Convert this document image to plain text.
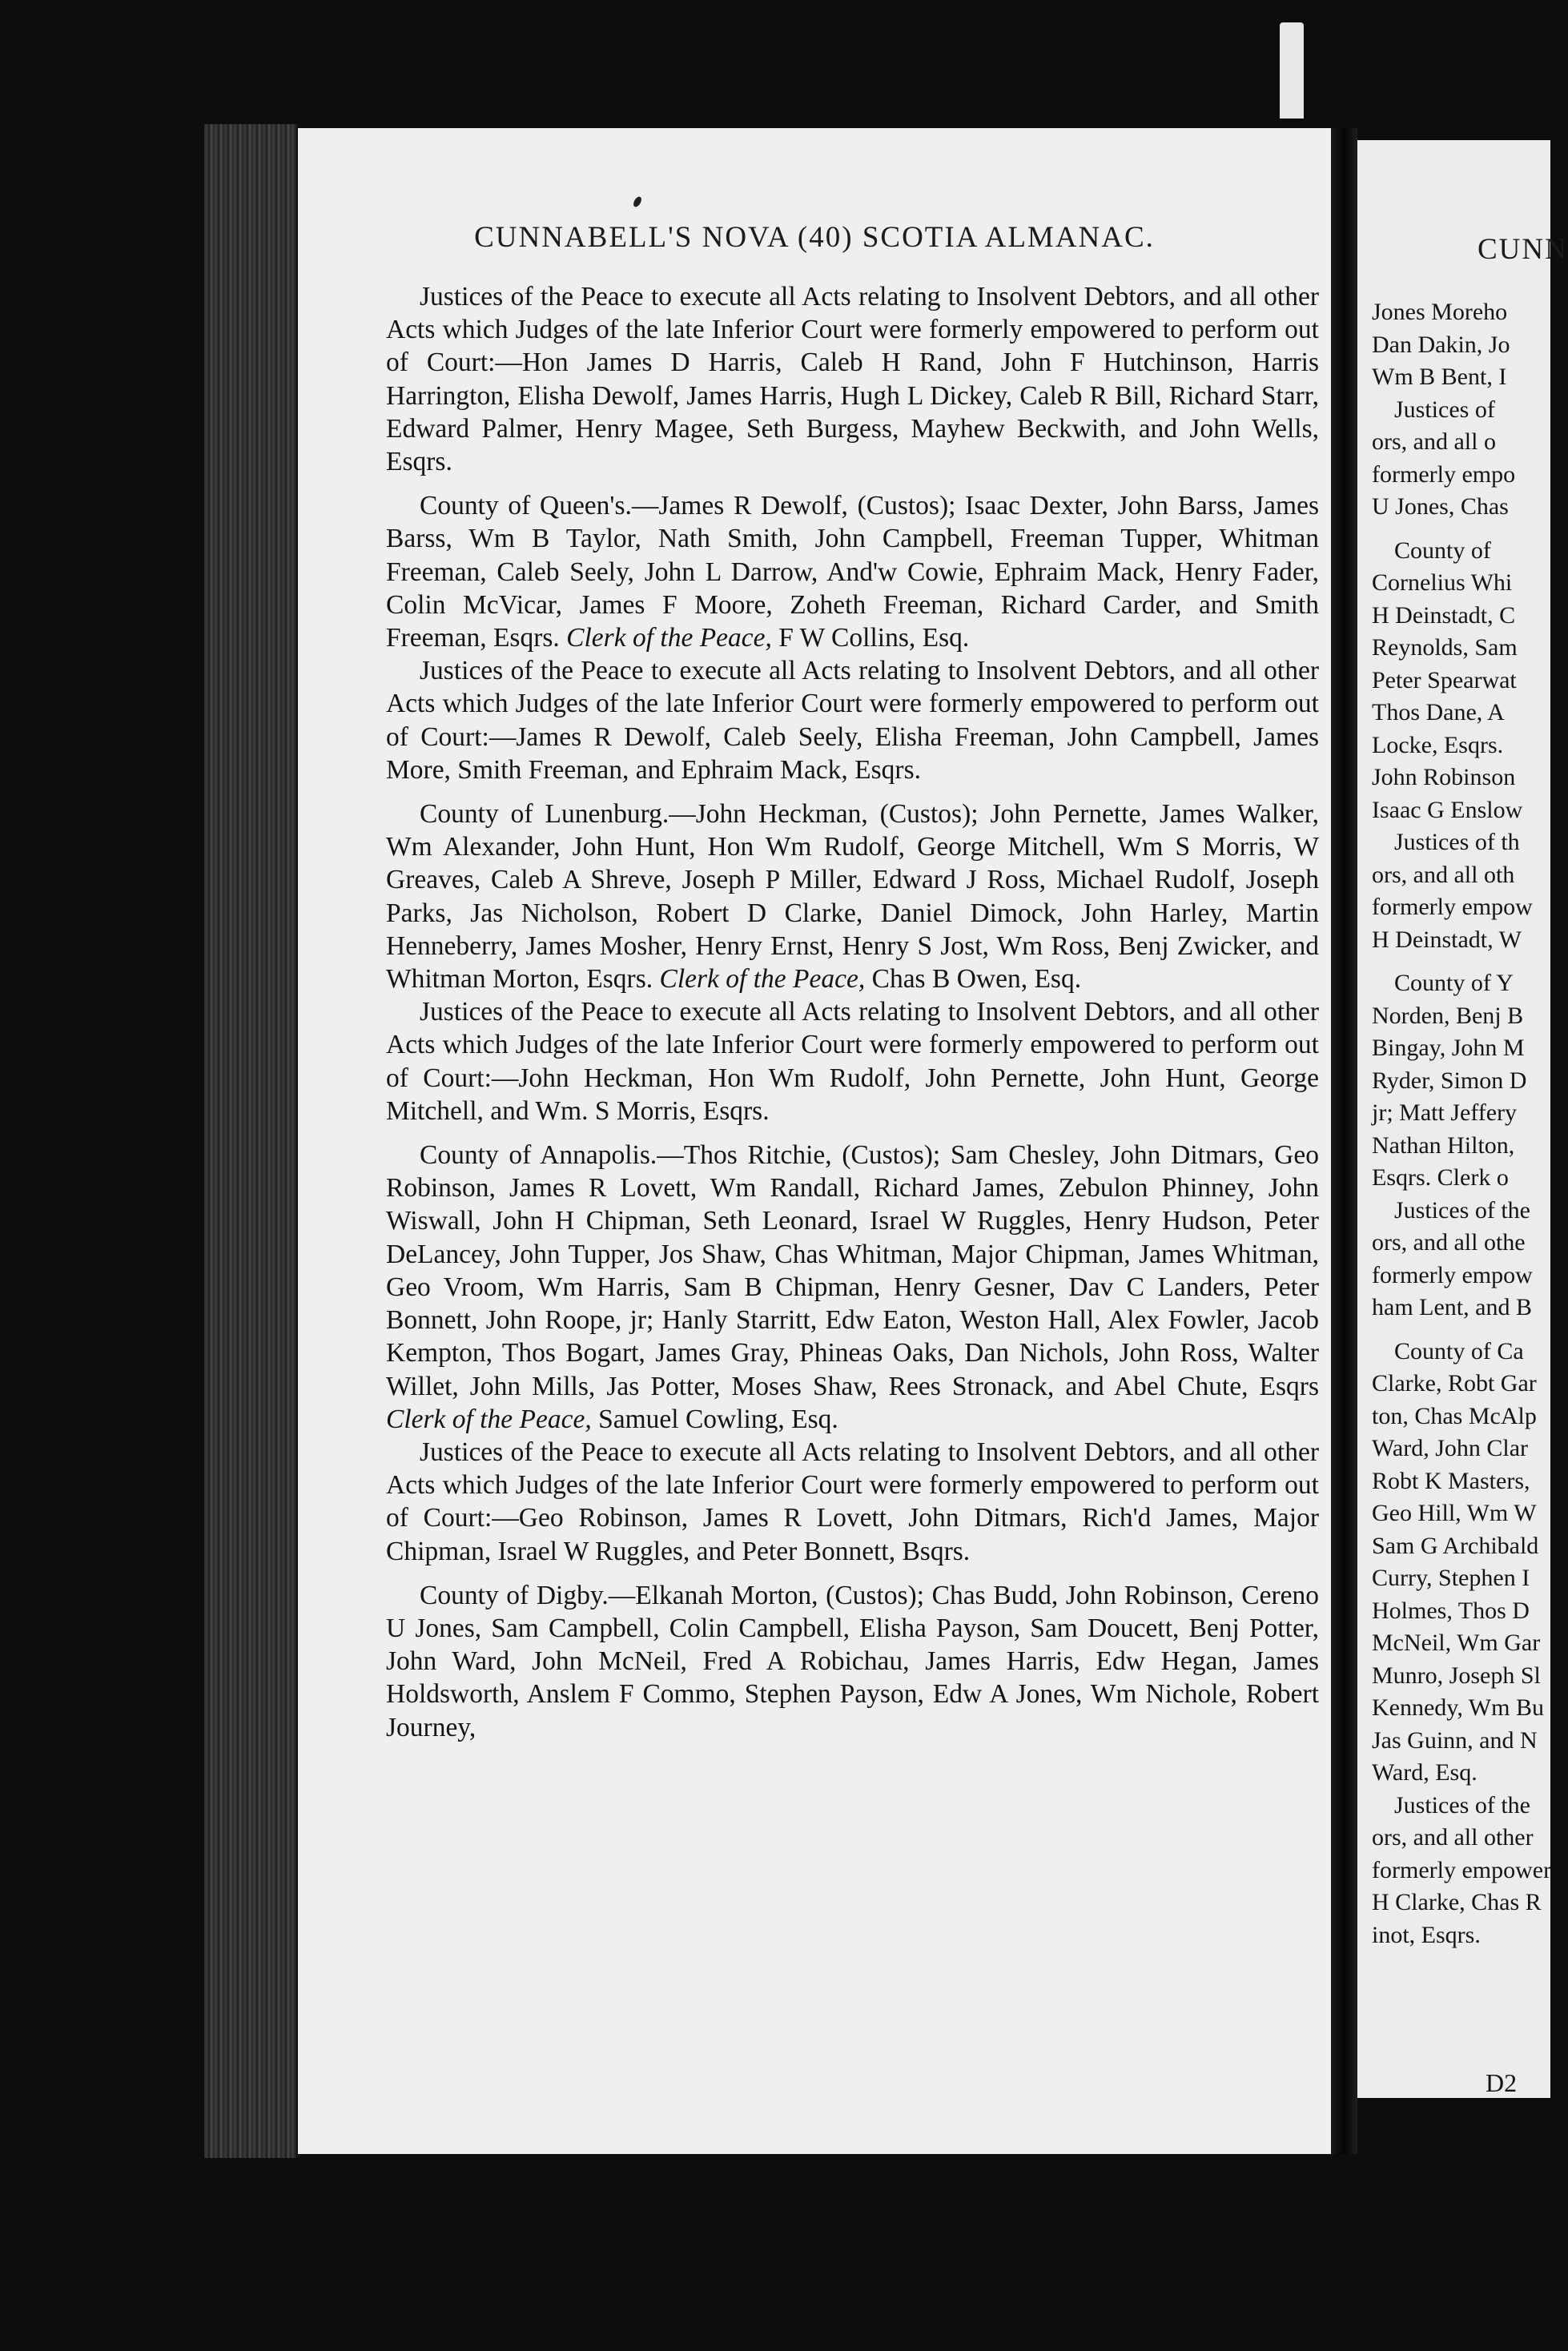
CUNNABELL'S NOVA (40) SCOTIA ALMANAC.

Justices of the Peace to execute all Acts relating to Insolvent Debtors, and all other Acts which Judges of the late Inferior Court were formerly empowered to perform out of Court:—Hon James D Harris, Caleb H Rand, John F Hutchinson, Harris Harrington, Elisha Dewolf, James Harris, Hugh L Dickey, Caleb R Bill, Richard Starr, Edward Palmer, Henry Magee, Seth Burgess, Mayhew Beckwith, and John Wells, Esqrs.

County of Queen's.—James R Dewolf, (Custos); Isaac Dexter, John Barss, James Barss, Wm B Taylor, Nath Smith, John Campbell, Freeman Tupper, Whitman Freeman, Caleb Seely, John L Darrow, And'w Cowie, Ephraim Mack, Henry Fader, Colin McVicar, James F Moore, Zoheth Freeman, Richard Carder, and Smith Freeman, Esqrs. Clerk of the Peace, F W Collins, Esq.

Justices of the Peace to execute all Acts relating to Insolvent Debtors, and all other Acts which Judges of the late Inferior Court were formerly empowered to perform out of Court:—James R Dewolf, Caleb Seely, Elisha Freeman, John Campbell, James More, Smith Freeman, and Ephraim Mack, Esqrs.

County of Lunenburg.—John Heckman, (Custos); John Pernette, James Walker, Wm Alexander, John Hunt, Hon Wm Rudolf, George Mitchell, Wm S Morris, W Greaves, Caleb A Shreve, Joseph P Miller, Edward J Ross, Michael Rudolf, Joseph Parks, Jas Nicholson, Robert D Clarke, Daniel Dimock, John Harley, Martin Henneberry, James Mosher, Henry Ernst, Henry S Jost, Wm Ross, Benj Zwicker, and Whitman Morton, Esqrs. Clerk of the Peace, Chas B Owen, Esq.

Justices of the Peace to execute all Acts relating to Insolvent Debtors, and all other Acts which Judges of the late Inferior Court were formerly empowered to perform out of Court:—John Heckman, Hon Wm Rudolf, John Pernette, John Hunt, George Mitchell, and Wm. S Morris, Esqrs.

County of Annapolis.—Thos Ritchie, (Custos); Sam Chesley, John Ditmars, Geo Robinson, James R Lovett, Wm Randall, Richard James, Zebulon Phinney, John Wiswall, John H Chipman, Seth Leonard, Israel W Ruggles, Henry Hudson, Peter DeLancey, John Tupper, Jos Shaw, Chas Whitman, Major Chipman, James Whitman, Geo Vroom, Wm Harris, Sam B Chipman, Henry Gesner, Dav C Landers, Peter Bonnett, John Roope, jr; Hanly Starritt, Edw Eaton, Weston Hall, Alex Fowler, Jacob Kempton, Thos Bogart, James Gray, Phineas Oaks, Dan Nichols, John Ross, Walter Willet, John Mills, Jas Potter, Moses Shaw, Rees Stronack, and Abel Chute, Esqrs Clerk of the Peace, Samuel Cowling, Esq.

Justices of the Peace to execute all Acts relating to Insolvent Debtors, and all other Acts which Judges of the late Inferior Court were formerly empowered to perform out of Court:—Geo Robinson, James R Lovett, John Ditmars, Rich'd James, Major Chipman, Israel W Ruggles, and Peter Bonnett, Bsqrs.

County of Digby.—Elkanah Morton, (Custos); Chas Budd, John Robinson, Cereno U Jones, Sam Campbell, Colin Campbell, Elisha Payson, Sam Doucett, Benj Potter, John Ward, John McNeil, Fred A Robichau, James Harris, Edw Hegan, James Holdsworth, Anslem F Commo, Stephen Payson, Edw A Jones, Wm Nichole, Robert Journey,

CUNN
Jones Moreho
Dan Dakin, Jo
Wm B Bent, I
Justices of
ors, and all o
formerly empo
U Jones, Chas
County of
Cornelius Whi
H Deinstadt, C
Reynolds, Sam
Peter Spearwat
Thos Dane, A
Locke, Esqrs.
John Robinson
Isaac G Enslow
Justices of th
ors, and all oth
formerly empow
H Deinstadt, W
County of Y
Norden, Benj B
Bingay, John M
Ryder, Simon D
jr; Matt Jeffery
Nathan Hilton,
Esqrs. Clerk o
Justices of the
ors, and all othe
formerly empow
ham Lent, and B
County of Ca
Clarke, Robt Gar
ton, Chas McAlp
Ward, John Clar
Robt K Masters,
Geo Hill, Wm W
Sam G Archibald
Curry, Stephen I
Holmes, Thos D
McNeil, Wm Gar
Munro, Joseph Sl
Kennedy, Wm Bu
Jas Guinn, and N
Ward, Esq.
Justices of the
ors, and all other
formerly empower
H Clarke, Chas R
inot, Esqrs.
D2
